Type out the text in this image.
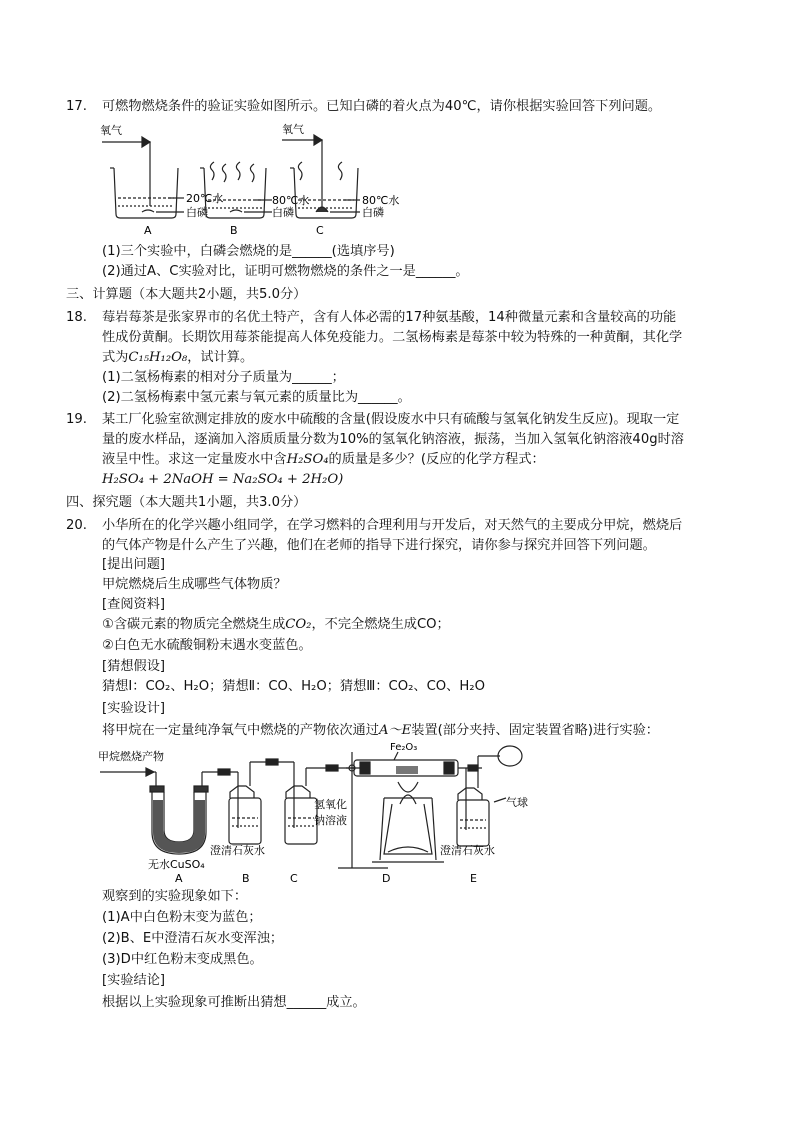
17. 可燃物燃烧条件的验证实验如图所示。已知白磷的着火点为40℃，请你根据实验回答下列问题。
氧气
20℃水
白磷
A
80℃水
白磷
B
氧气
80℃水
白磷
C
(1)三个实验中，白磷会燃烧的是______(选填序号)
(2)通过A、C实验对比，证明可燃物燃烧的条件之一是______。
三、计算题（本大题共2小题，共5.0分）
18. 莓岩莓茶是张家界市的名优土特产，含有人体必需的17种氨基酸，14种微量元素和含量较高的功能
性成份黄酮。长期饮用莓茶能提高人体免疫能力。二氢杨梅素是莓茶中较为特殊的一种黄酮，其化学
式为C₁₅H₁₂O₈，试计算。
(1)二氢杨梅素的相对分子质量为______；
(2)二氢杨梅素中氢元素与氧元素的质量比为______。
19. 某工厂化验室欲测定排放的废水中硫酸的含量(假设废水中只有硫酸与氢氧化钠发生反应)。现取一定
量的废水样品，逐滴加入溶质质量分数为10%的氢氧化钠溶液，振荡，当加入氢氧化钠溶液40g时溶
液呈中性。求这一定量废水中含H₂SO₄的质量是多少？(反应的化学方程式：
H₂SO₄ + 2NaOH = Na₂SO₄ + 2H₂O)
四、探究题（本大题共1小题，共3.0分）
20. 小华所在的化学兴趣小组同学，在学习燃料的合理利用与开发后，对天然气的主要成分甲烷，燃烧后
的气体产物是什么产生了兴趣，他们在老师的指导下进行探究，请你参与探究并回答下列问题。
[提出问题]
甲烷燃烧后生成哪些气体物质？
[查阅资料]
①含碳元素的物质完全燃烧生成CO₂，不完全燃烧生成CO；
②白色无水硫酸铜粉末遇水变蓝色。
[猜想假设]
猜想Ⅰ：CO₂、H₂O；猜想Ⅱ：CO、H₂O；猜想Ⅲ：CO₂、CO、H₂O
[实验设计]
将甲烷在一定量纯净氧气中燃烧的产物依次通过A～E装置(部分夹持、固定装置省略)进行实验：
甲烷燃烧产物
Fe₂O₃
无水CuSO₄
澄清石灰水
氢氧化
钠溶液
澄清石灰水
气球
A	B	C	D	E
观察到的实验现象如下：
(1)A中白色粉末变为蓝色；
(2)B、E中澄清石灰水变浑浊；
(3)D中红色粉末变成黑色。
[实验结论]
根据以上实验现象可推断出猜想______成立。
